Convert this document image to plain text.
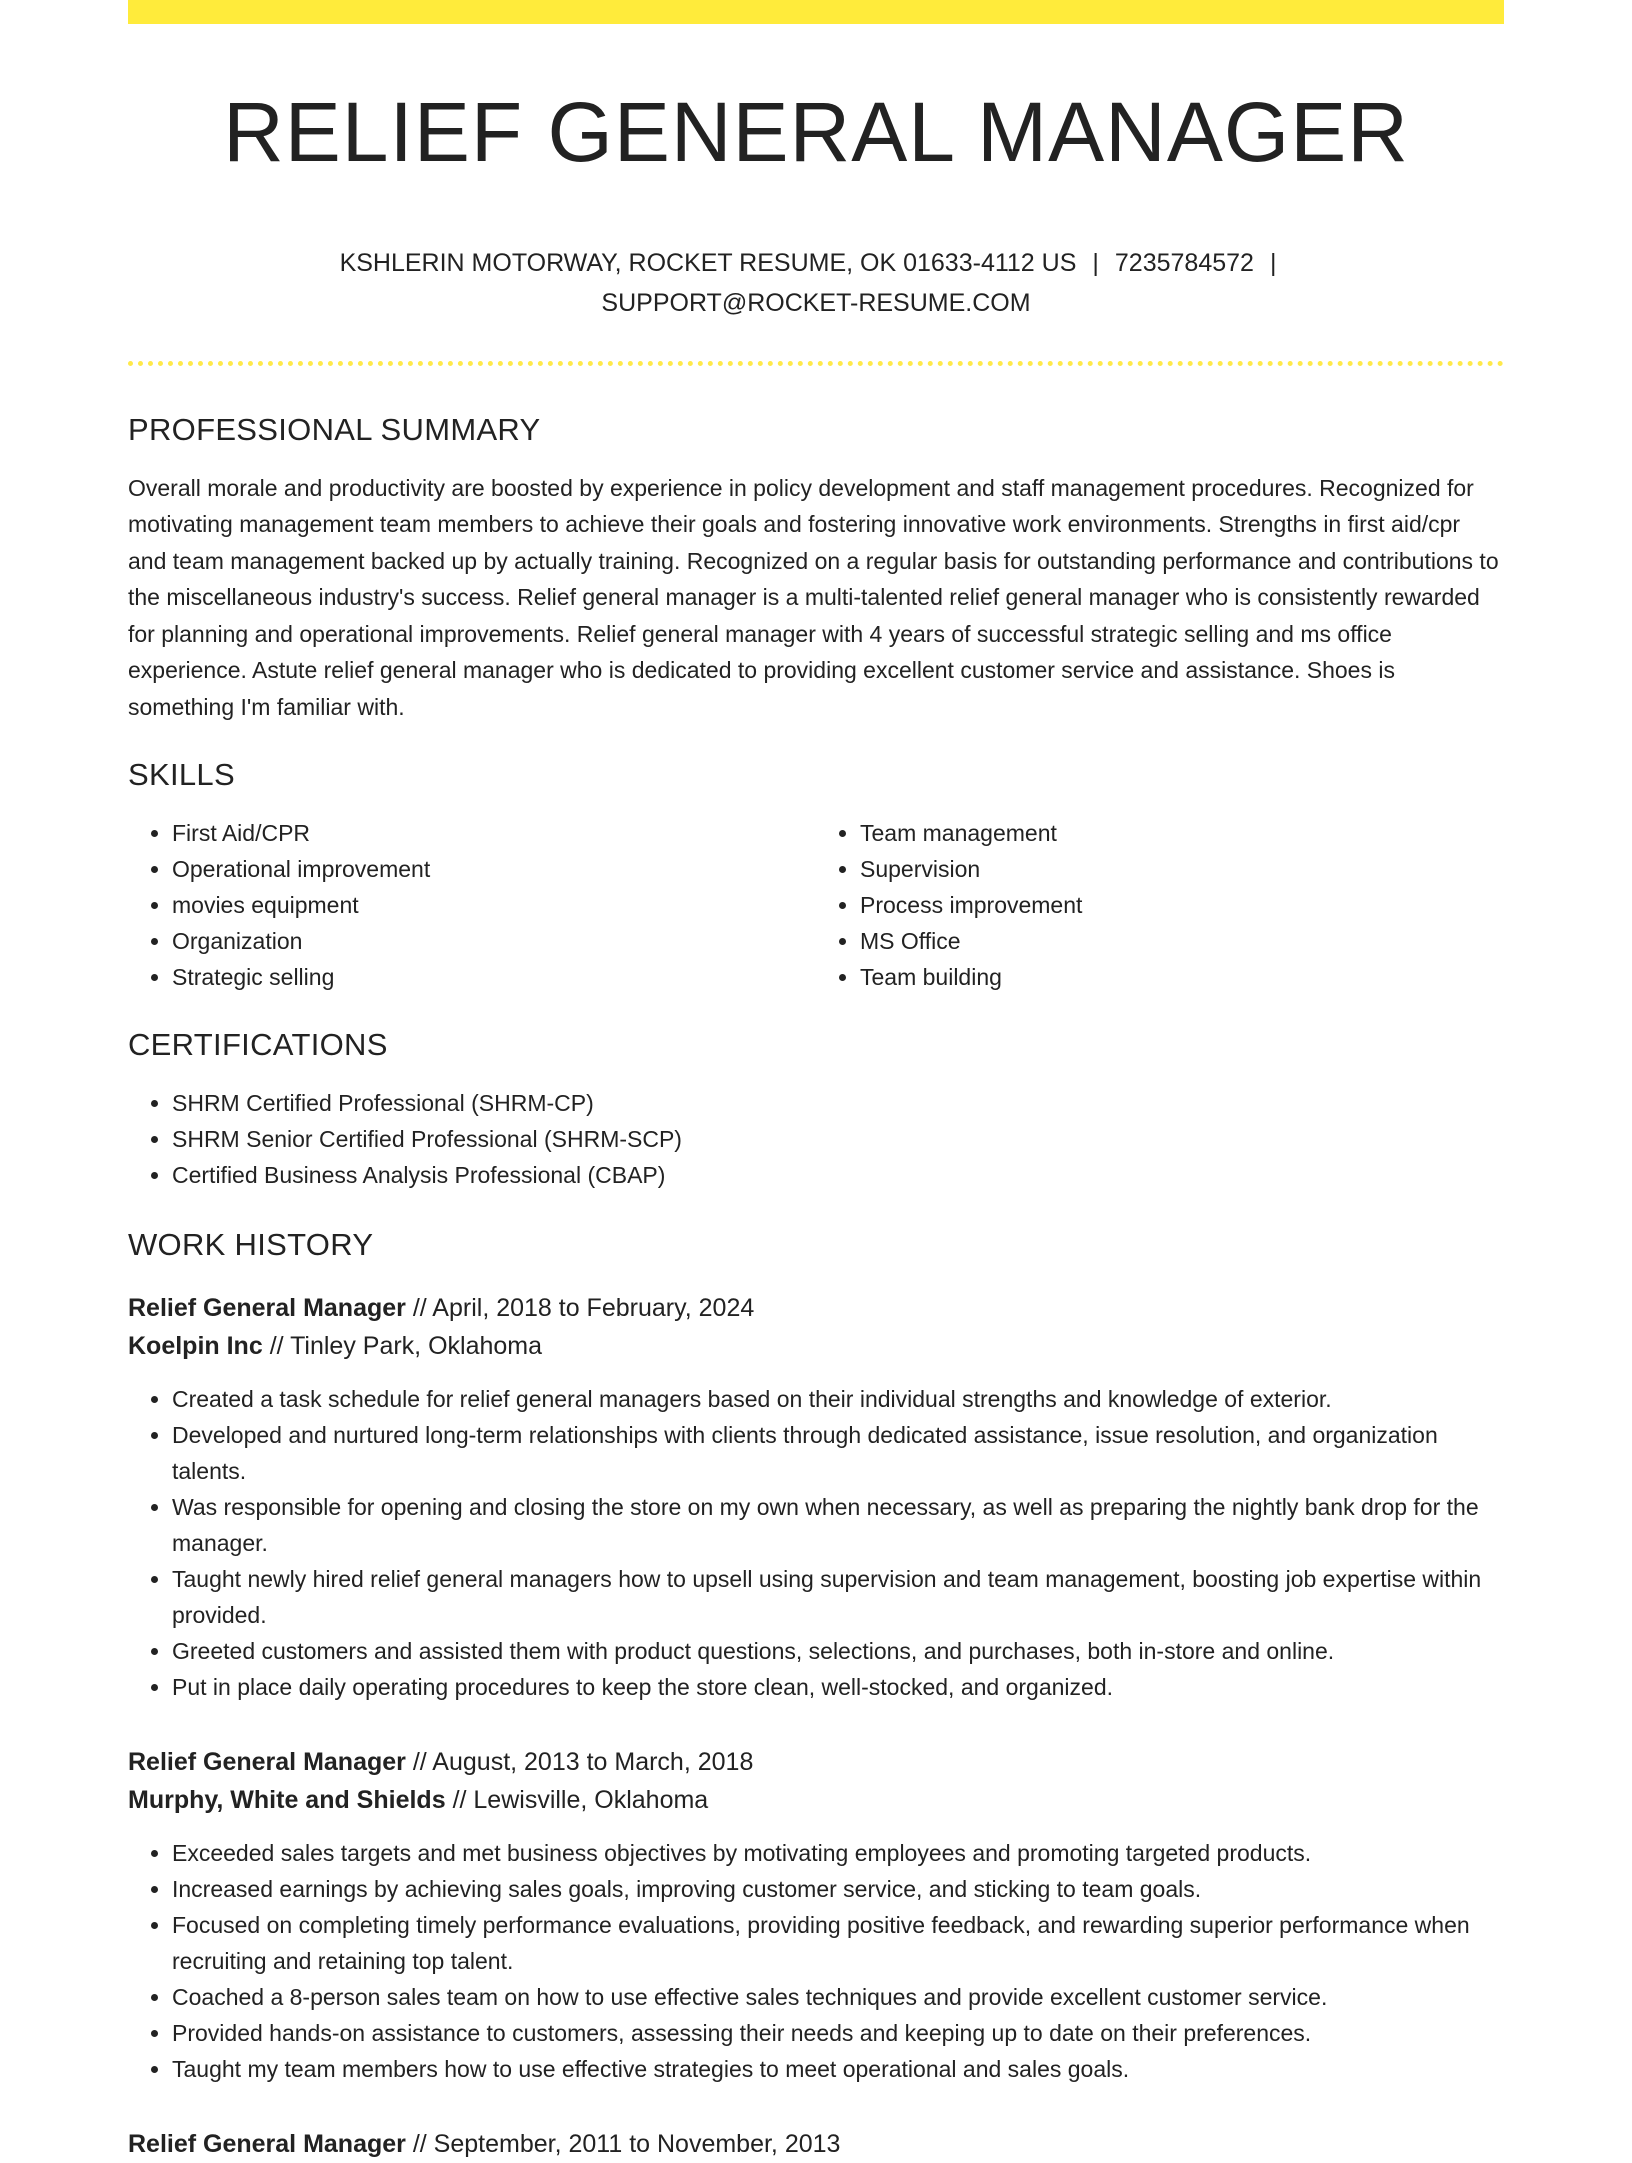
RELIEF GENERAL MANAGER
KSHLERIN MOTORWAY, ROCKET RESUME, OK 01633-4112 US | 7235784572 |
SUPPORT@ROCKET-RESUME.COM
PROFESSIONAL SUMMARY

Overall morale and productivity are boosted by experience in policy development and staff management procedures. Recognized for motivating management team members to achieve their goals and fostering innovative work environments. Strengths in first aid/cpr and team management backed up by actually training. Recognized on a regular basis for outstanding performance and contributions to the miscellaneous industry's success. Relief general manager is a multi-talented relief general manager who is consistently rewarded for planning and operational improvements. Relief general manager with 4 years of successful strategic selling and ms office experience. Astute relief general manager who is dedicated to providing excellent customer service and assistance. Shoes is something I'm familiar with.

SKILLS
• First Aid/CPR
• Operational improvement
• movies equipment
• Organization
• Strategic selling
• Team management
• Supervision
• Process improvement
• MS Office
• Team building
CERTIFICATIONS
• SHRM Certified Professional (SHRM-CP)
• SHRM Senior Certified Professional (SHRM-SCP)
• Certified Business Analysis Professional (CBAP)
WORK HISTORY
Relief General Manager // April, 2018 to February, 2024
Koelpin Inc // Tinley Park, Oklahoma
• Created a task schedule for relief general managers based on their individual strengths and knowledge of exterior.
• Developed and nurtured long-term relationships with clients through dedicated assistance, issue resolution, and organization talents.
• Was responsible for opening and closing the store on my own when necessary, as well as preparing the nightly bank drop for the manager.
• Taught newly hired relief general managers how to upsell using supervision and team management, boosting job expertise within provided.
• Greeted customers and assisted them with product questions, selections, and purchases, both in-store and online.
• Put in place daily operating procedures to keep the store clean, well-stocked, and organized.
Relief General Manager // August, 2013 to March, 2018
Murphy, White and Shields // Lewisville, Oklahoma
• Exceeded sales targets and met business objectives by motivating employees and promoting targeted products.
• Increased earnings by achieving sales goals, improving customer service, and sticking to team goals.
• Focused on completing timely performance evaluations, providing positive feedback, and rewarding superior performance when recruiting and retaining top talent.
• Coached a 8-person sales team on how to use effective sales techniques and provide excellent customer service.
• Provided hands-on assistance to customers, assessing their needs and keeping up to date on their preferences.
• Taught my team members how to use effective strategies to meet operational and sales goals.
Relief General Manager // September, 2011 to November, 2013
